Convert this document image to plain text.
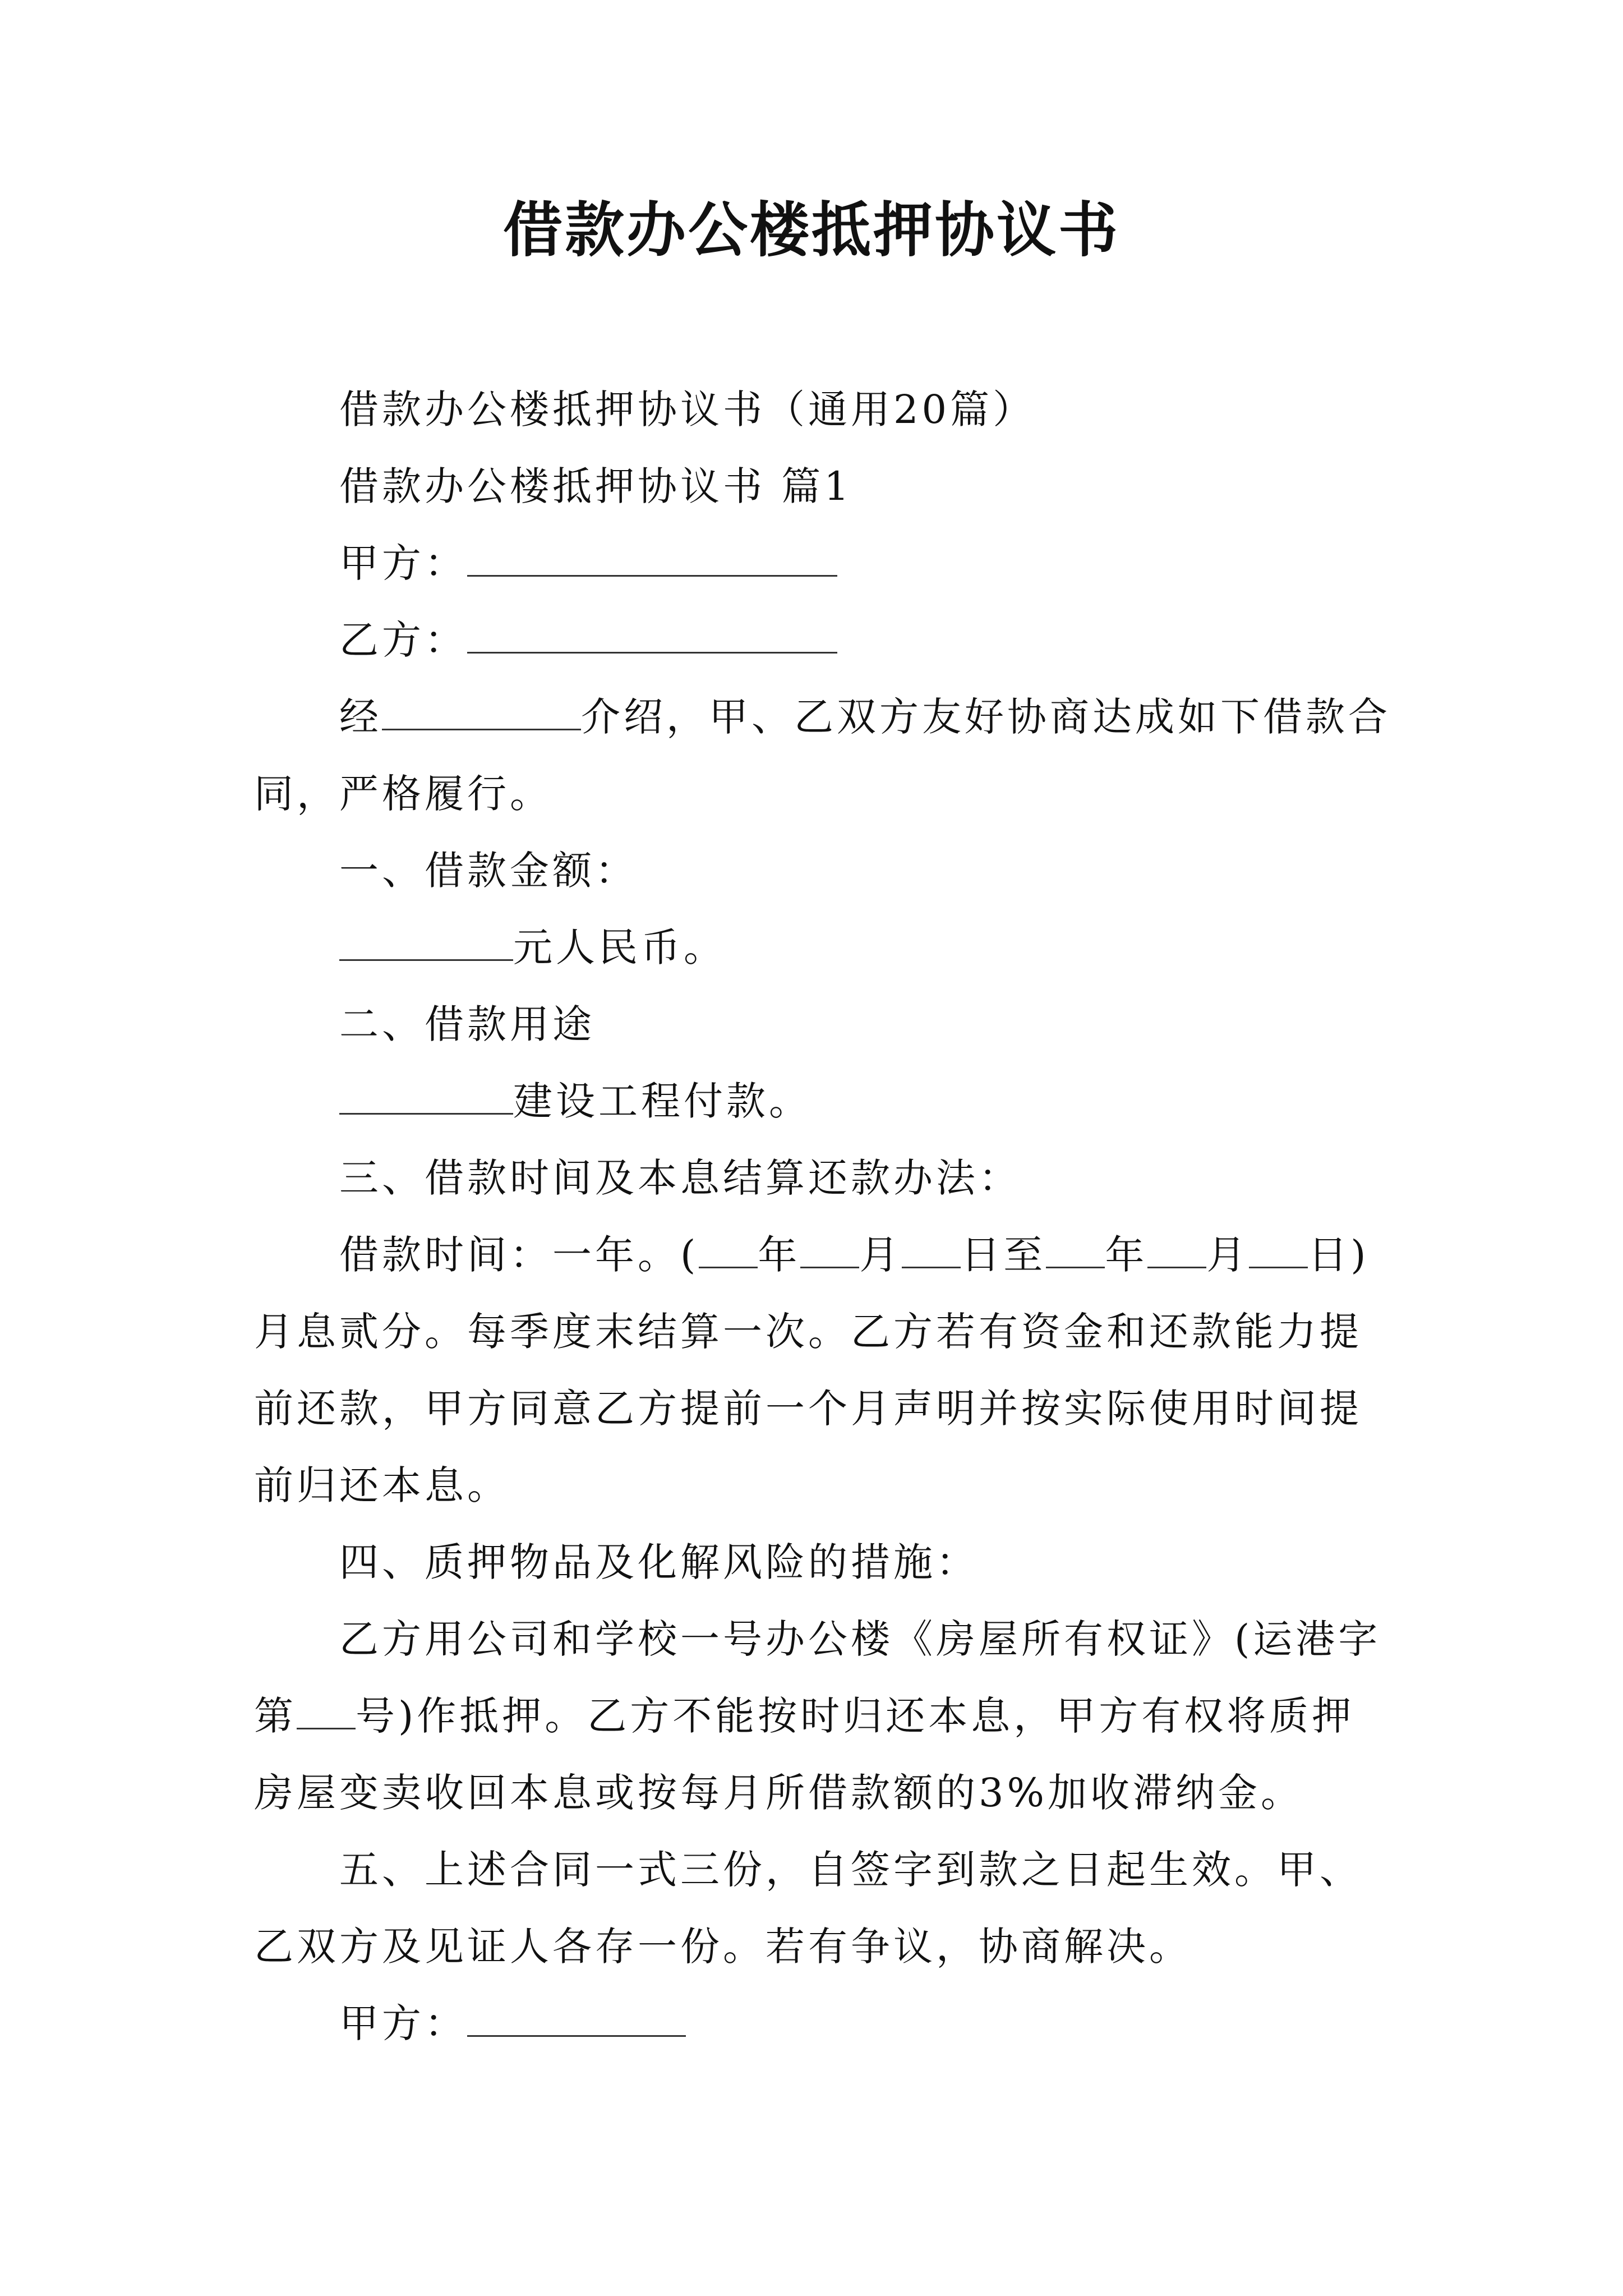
借款办公楼抵押协议书

借款办公楼抵押协议书（通用20篇）

借款办公楼抵押协议书 篇1

甲方：

乙方：

经	介绍，甲、乙双方友好协商达成如下借款合同，严格履行。

一、借款金额：

元人民币。

二、借款用途

建设工程付款。

三、借款时间及本息结算还款办法：

借款时间：一年。( 年 月 日至 年 月 日)月息贰分。每季度末结算一次。乙方若有资金和还款能力提前还款，甲方同意乙方提前一个月声明并按实际使用时间提前归还本息。

四、质押物品及化解风险的措施：

乙方用公司和学校一号办公楼《房屋所有权证》(运港字第 号)作抵押。乙方不能按时归还本息，甲方有权将质押房屋变卖收回本息或按每月所借款额的3%加收滞纳金。

五、上述合同一式三份，自签字到款之日起生效。甲、乙双方及见证人各存一份。若有争议，协商解决。

甲方：
